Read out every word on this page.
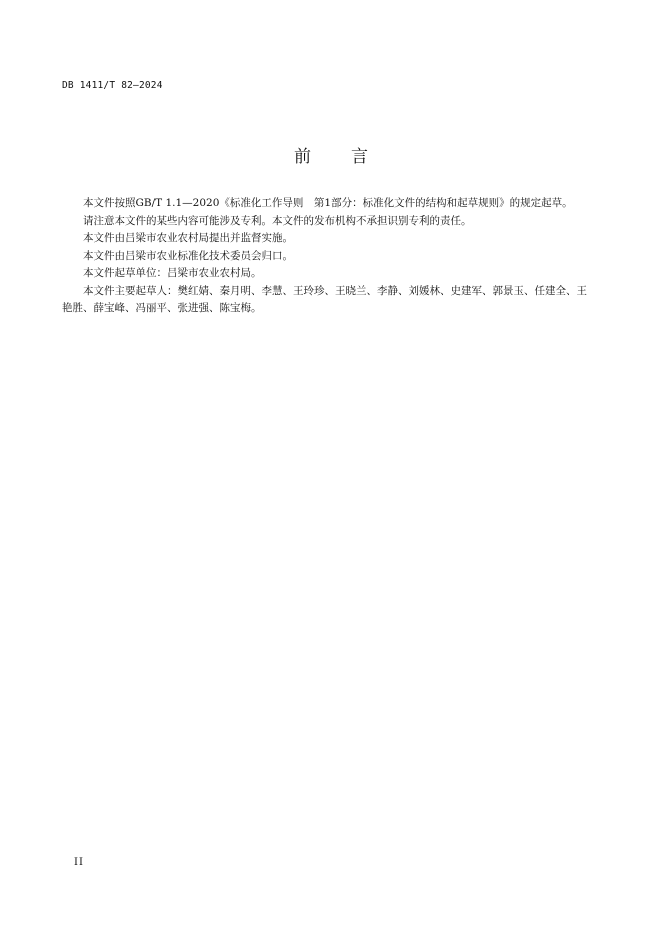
DB 1411/T 82—2024
前 言

本文件按照GB/T 1.1—2020《标准化工作导则　第1部分：标准化文件的结构和起草规则》的规定起草。

请注意本文件的某些内容可能涉及专利。本文件的发布机构不承担识别专利的责任。

本文件由吕梁市农业农村局提出并监督实施。

本文件由吕梁市农业标准化技术委员会归口。

本文件起草单位：吕梁市农业农村局。

本文件主要起草人：樊红婧、秦月明、李慧、王玲珍、王晓兰、李静、刘媛林、史建军、郭景玉、任建全、王艳胜、薛宝峰、冯丽平、张进强、陈宝梅。

II
